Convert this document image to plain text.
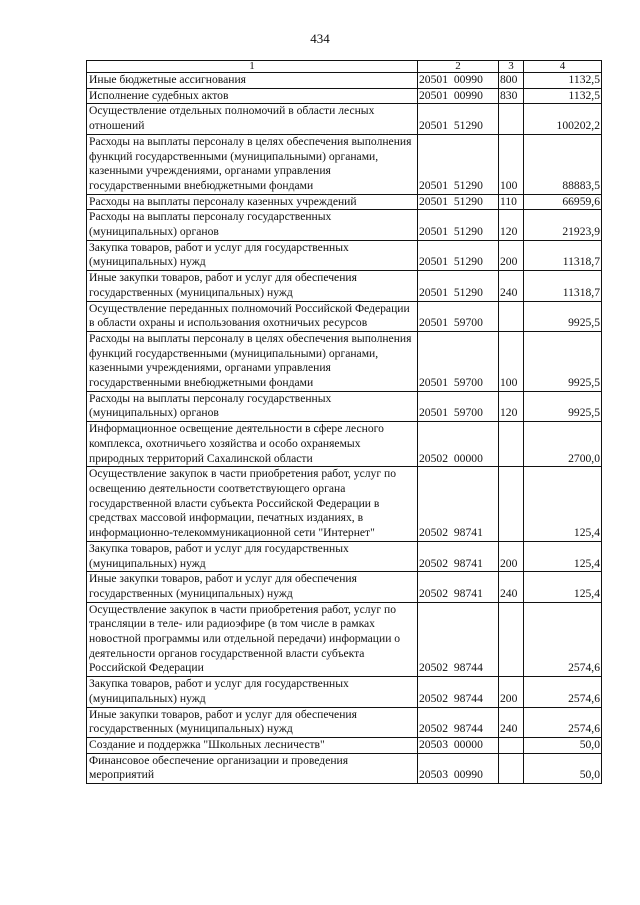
434
1	2	3	4
Иные бюджетные ассигнования	20501 00990	800	1132,5
Исполнение судебных актов	20501 00990	830	1132,5
Осуществление отдельных полномочий в области лесных отношений	20501 51290		100202,2
Расходы на выплаты персоналу в целях обеспечения выполнения функций государственными (муниципальными) органами, казенными учреждениями, органами управления государственными внебюджетными фондами	20501 51290	100	88883,5
Расходы на выплаты персоналу казенных учреждений	20501 51290	110	66959,6
Расходы на выплаты персоналу государственных (муниципальных) органов	20501 51290	120	21923,9
Закупка товаров, работ и услуг для государственных (муниципальных) нужд	20501 51290	200	11318,7
Иные закупки товаров, работ и услуг для обеспечения государственных (муниципальных) нужд	20501 51290	240	11318,7
Осуществление переданных полномочий Российской Федерации в области охраны и использования охотничьих ресурсов	20501 59700		9925,5
Расходы на выплаты персоналу в целях обеспечения выполнения функций государственными (муниципальными) органами, казенными учреждениями, органами управления государственными внебюджетными фондами	20501 59700	100	9925,5
Расходы на выплаты персоналу государственных (муниципальных) органов	20501 59700	120	9925,5
Информационное освещение деятельности в сфере лесного комплекса, охотничьего хозяйства и особо охраняемых природных территорий Сахалинской области	20502 00000		2700,0
Осуществление закупок в части приобретения работ, услуг по освещению деятельности соответствующего органа государственной власти субъекта Российской Федерации в средствах массовой информации, печатных изданиях, в информационно-телекоммуникационной сети "Интернет"	20502 98741		125,4
Закупка товаров, работ и услуг для государственных (муниципальных) нужд	20502 98741	200	125,4
Иные закупки товаров, работ и услуг для обеспечения государственных (муниципальных) нужд	20502 98741	240	125,4
Осуществление закупок в части приобретения работ, услуг по трансляции в теле- или радиоэфире (в том числе в рамках новостной программы или отдельной передачи) информации о деятельности органов государственной власти субъекта Российской Федерации	20502 98744		2574,6
Закупка товаров, работ и услуг для государственных (муниципальных) нужд	20502 98744	200	2574,6
Иные закупки товаров, работ и услуг для обеспечения государственных (муниципальных) нужд	20502 98744	240	2574,6
Создание и поддержка "Школьных лесничеств"	20503 00000		50,0
Финансовое обеспечение организации и проведения мероприятий	20503 00990		50,0
